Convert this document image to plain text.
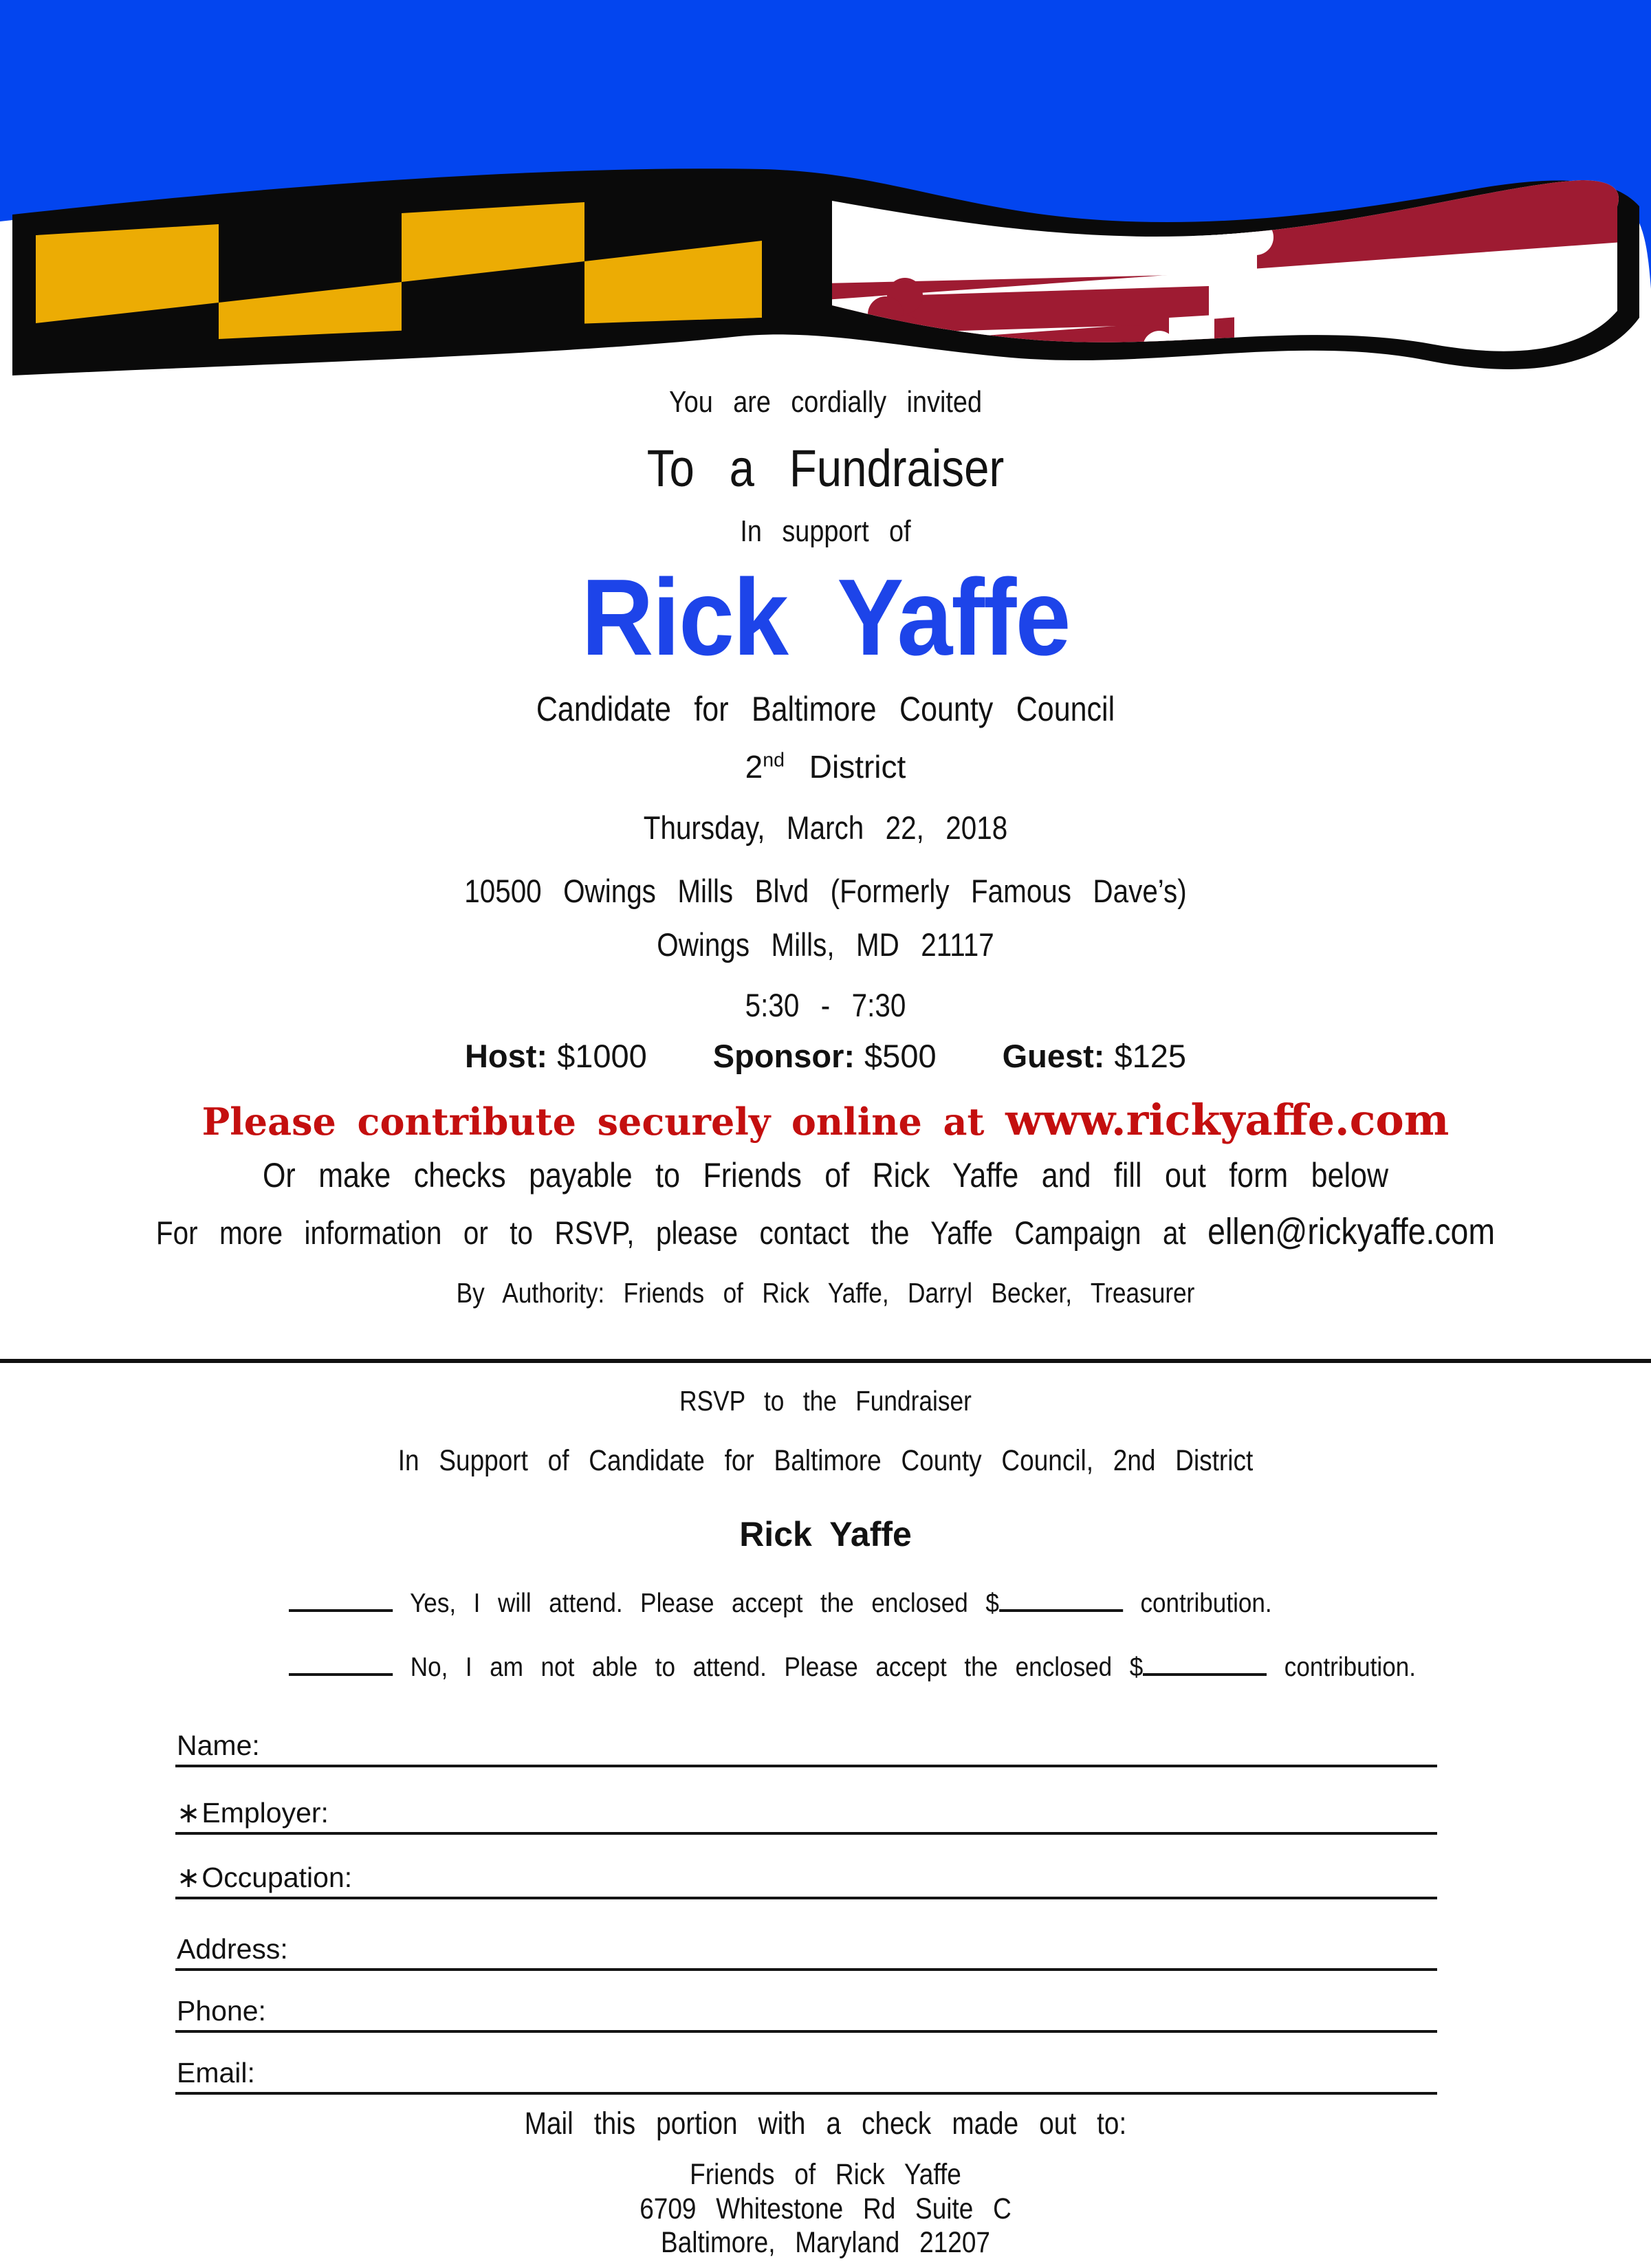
You are cordially invited
To a Fundraiser
In support of
Rick Yaffe
Candidate for Baltimore County Council
2nd District
Thursday, March 22, 2018
10500 Owings Mills Blvd (Formerly Famous Dave’s)
Owings Mills, MD 21117
5:30 - 7:30
Host: $1000 Sponsor: $500 Guest: $125
Please contribute securely online at www.rickyaffe.com
Or make checks payable to Friends of Rick Yaffe and fill out form below
For more information or to RSVP, please contact the Yaffe Campaign at ellen@rickyaffe.com
By Authority: Friends of Rick Yaffe, Darryl Becker, Treasurer
RSVP to the Fundraiser
In Support of Candidate for Baltimore County Council, 2nd District
Rick Yaffe
Yes, I will attend. Please accept the enclosed $	contribution.
No, I am not able to attend. Please accept the enclosed $	contribution.
Name:
∗Employer:
∗Occupation:
Address:
Phone:
Email:
Mail this portion with a check made out to:
Friends of Rick Yaffe
6709 Whitestone Rd Suite C
Baltimore, Maryland 21207
